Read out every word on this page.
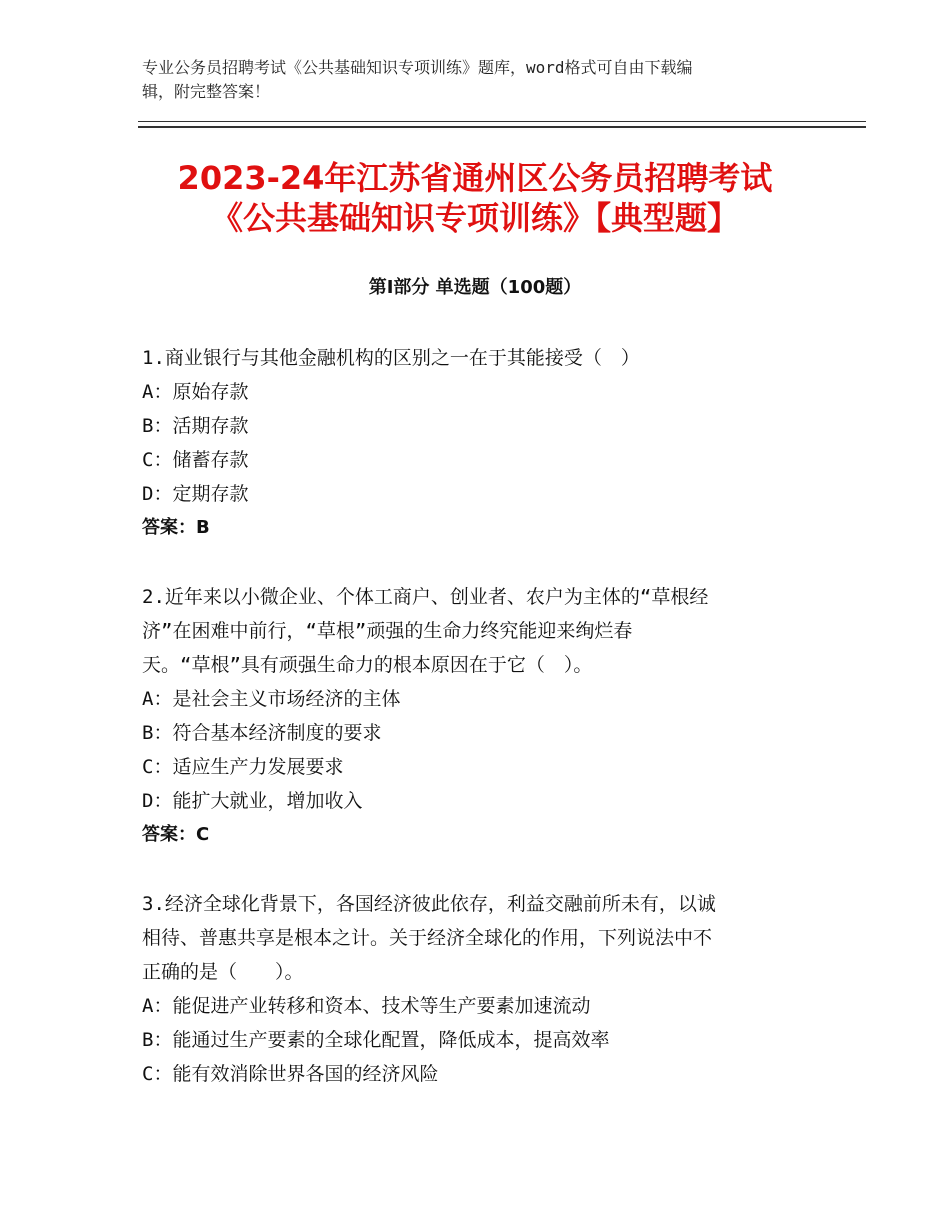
专业公务员招聘考试《公共基础知识专项训练》题库，word格式可自由下载编
辑，附完整答案！
2023-24年江苏省通州区公务员招聘考试
《公共基础知识专项训练》【典型题】
第Ⅰ部分 单选题（100题）
1.商业银行与其他金融机构的区别之一在于其能接受（　）
A：原始存款
B：活期存款
C：储蓄存款
D：定期存款
答案：B
2.近年来以小微企业、个体工商户、创业者、农户为主体的“草根经
济”在困难中前行，“草根”顽强的生命力终究能迎来绚烂春
天。“草根”具有顽强生命力的根本原因在于它（　）。
A：是社会主义市场经济的主体
B：符合基本经济制度的要求
C：适应生产力发展要求
D：能扩大就业，增加收入
答案：C
3.经济全球化背景下，各国经济彼此依存，利益交融前所未有，以诚
相待、普惠共享是根本之计。关于经济全球化的作用，下列说法中不
正确的是（　　）。
A：能促进产业转移和资本、技术等生产要素加速流动
B：能通过生产要素的全球化配置，降低成本，提高效率
C：能有效消除世界各国的经济风险
